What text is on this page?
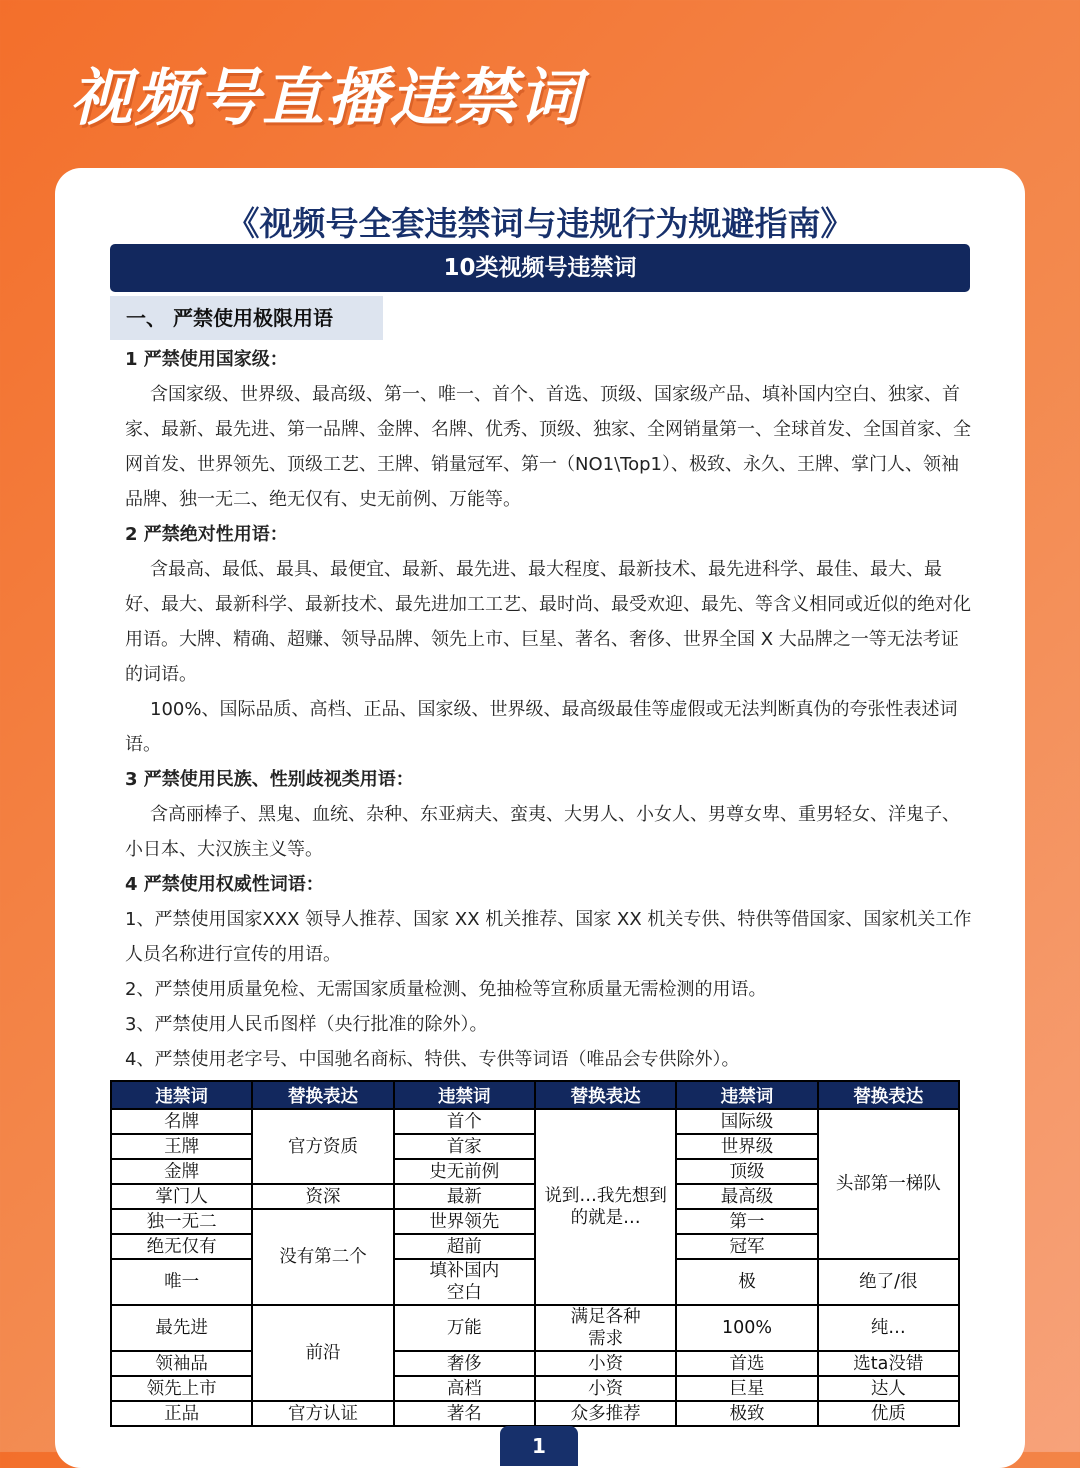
视频号直播违禁词
《视频号全套违禁词与违规行为规避指南》
10类视频号违禁词
一、 严禁使用极限用语

1 严禁使用国家级：

含国家级、世界级、最高级、第一、唯一、首个、首选、顶级、国家级产品、填补国内空白、独家、首家、最新、最先进、第一品牌、金牌、名牌、优秀、顶级、独家、全网销量第一、全球首发、全国首家、全网首发、世界领先、顶级工艺、王牌、销量冠军、第一（NO1\Top1）、极致、永久、王牌、掌门人、领袖品牌、独一无二、绝无仅有、史无前例、万能等。

2 严禁绝对性用语：

含最高、最低、最具、最便宜、最新、最先进、最大程度、最新技术、最先进科学、最佳、最大、最好、最大、最新科学、最新技术、最先进加工工艺、最时尚、最受欢迎、最先、等含义相同或近似的绝对化用语。大牌、精确、超赚、领导品牌、领先上市、巨星、著名、奢侈、世界全国 X 大品牌之一等无法考证的词语。

100%、国际品质、高档、正品、国家级、世界级、最高级最佳等虚假或无法判断真伪的夸张性表述词语。

3 严禁使用民族、性别歧视类用语：

含高丽棒子、黑鬼、血统、杂种、东亚病夫、蛮夷、大男人、小女人、男尊女卑、重男轻女、洋鬼子、小日本、大汉族主义等。

4 严禁使用权威性词语：

1、严禁使用国家XXX 领导人推荐、国家 XX 机关推荐、国家 XX 机关专供、特供等借国家、国家机关工作人员名称进行宣传的用语。

2、严禁使用质量免检、无需国家质量检测、免抽检等宣称质量无需检测的用语。

3、严禁使用人民币图样（央行批准的除外）。

4、严禁使用老字号、中国驰名商标、特供、专供等词语（唯品会专供除外）。

违禁词	替换表达	违禁词	替换表达	违禁词	替换表达
名牌	官方资质	首个	说到…我先想到的就是…	国际级	头部第一梯队
王牌		首家		世界级	
金牌		史无前例		顶级	
掌门人	资深	最新		最高级	
独一无二	没有第二个	世界领先		第一	
绝无仅有		超前		冠军	
唯一		填补国内空白		极	绝了/很
最先进	前沿	万能	满足各种需求	100%	纯…
领袖品		奢侈	小资	首选	选ta没错
领先上市		高档	小资	巨星	达人
正品	官方认证	著名	众多推荐	极致	优质
1
